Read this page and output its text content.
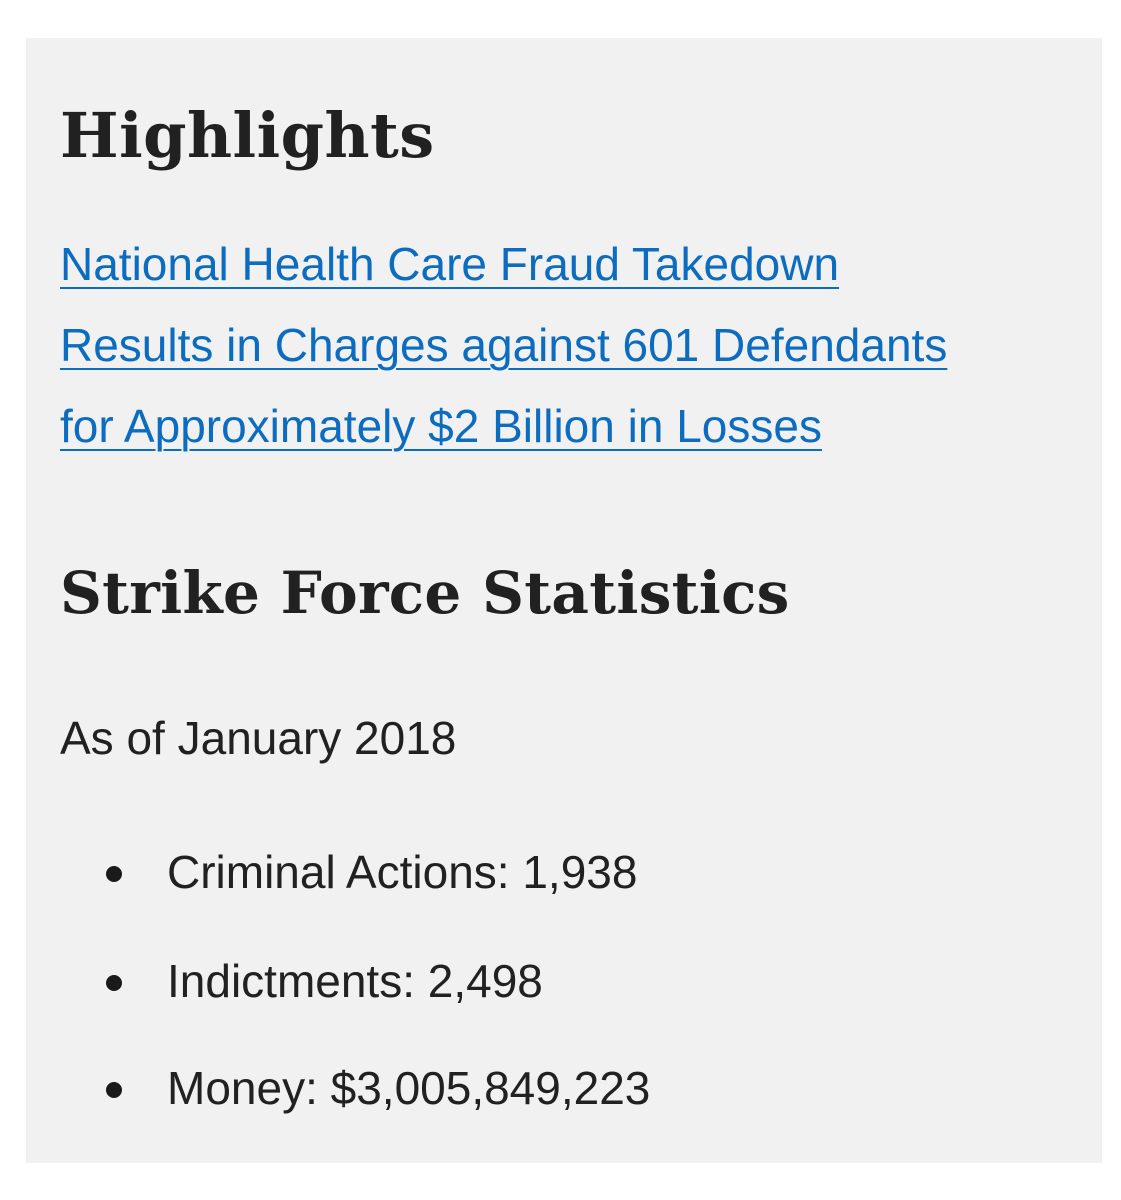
Highlights
National Health Care Fraud Takedown
Results in Charges against 601 Defendants
for Approximately $2 Billion in Losses
Strike Force Statistics
As of January 2018
Criminal Actions: 1,938
Indictments: 2,498
Money: $3,005,849,223
